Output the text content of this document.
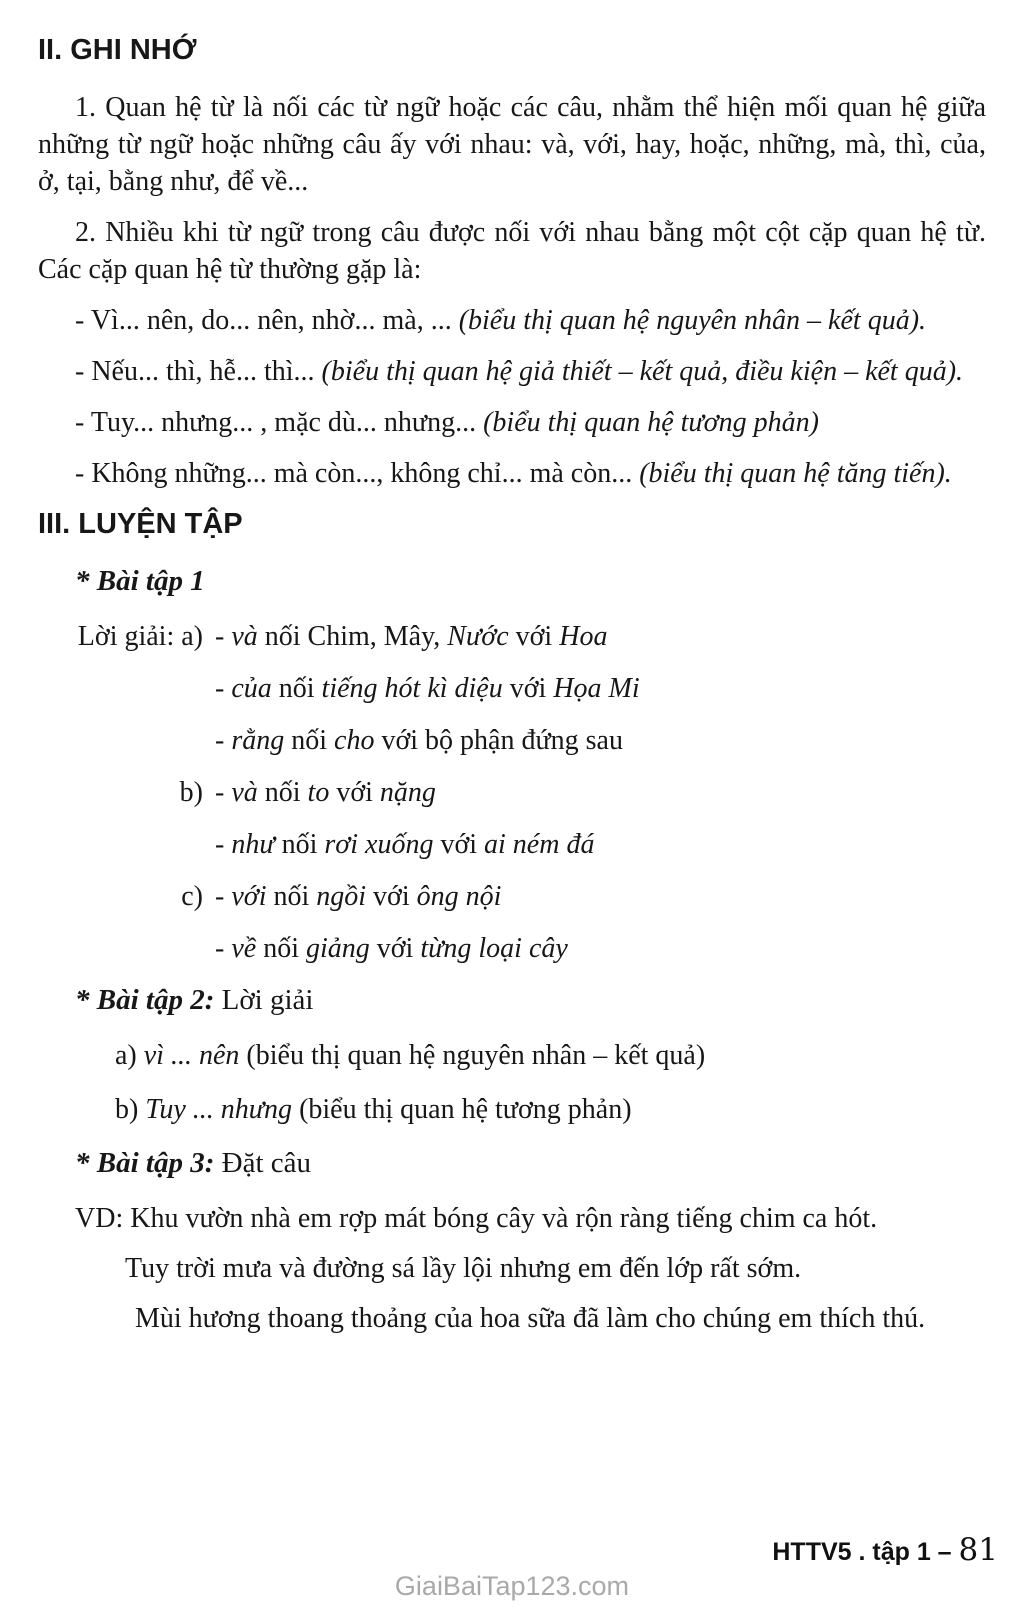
II. GHI NHỚ

1. Quan hệ từ là nối các từ ngữ hoặc các câu, nhằm thể hiện mối quan hệ giữa những từ ngữ hoặc những câu ấy với nhau: và, với, hay, hoặc, những, mà, thì, của, ở, tại, bằng như, để về...

2. Nhiều khi từ ngữ trong câu được nối với nhau bằng một cột cặp quan hệ từ. Các cặp quan hệ từ thường gặp là:

- Vì... nên, do... nên, nhờ... mà, ... (biểu thị quan hệ nguyên nhân – kết quả).

- Nếu... thì, hễ... thì... (biểu thị quan hệ giả thiết – kết quả, điều kiện – kết quả).

- Tuy... nhưng... , mặc dù... nhưng... (biểu thị quan hệ tương phản)

- Không những... mà còn..., không chỉ... mà còn... (biểu thị quan hệ tăng tiến).

III. LUYỆN TẬP

* Bài tập 1

Lời giải: a) - và nối Chim, Mây, Nước với Hoa

- của nối tiếng hót kì diệu với Họa Mi

- rằng nối cho với bộ phận đứng sau

b) - và nối to với nặng

- như nối rơi xuống với ai ném đá

c) - với nối ngồi với ông nội

- về nối giảng với từng loại cây

* Bài tập 2: Lời giải

a) vì ... nên (biểu thị quan hệ nguyên nhân – kết quả)

b) Tuy ... nhưng (biểu thị quan hệ tương phản)

* Bài tập 3: Đặt câu

VD: Khu vườn nhà em rợp mát bóng cây và rộn ràng tiếng chim ca hót.

Tuy trời mưa và đường sá lầy lội nhưng em đến lớp rất sớm.

Mùi hương thoang thoảng của hoa sữa đã làm cho chúng em thích thú.

HTTV5 . tập 1 – 81
GiaiBaiTap123.com
